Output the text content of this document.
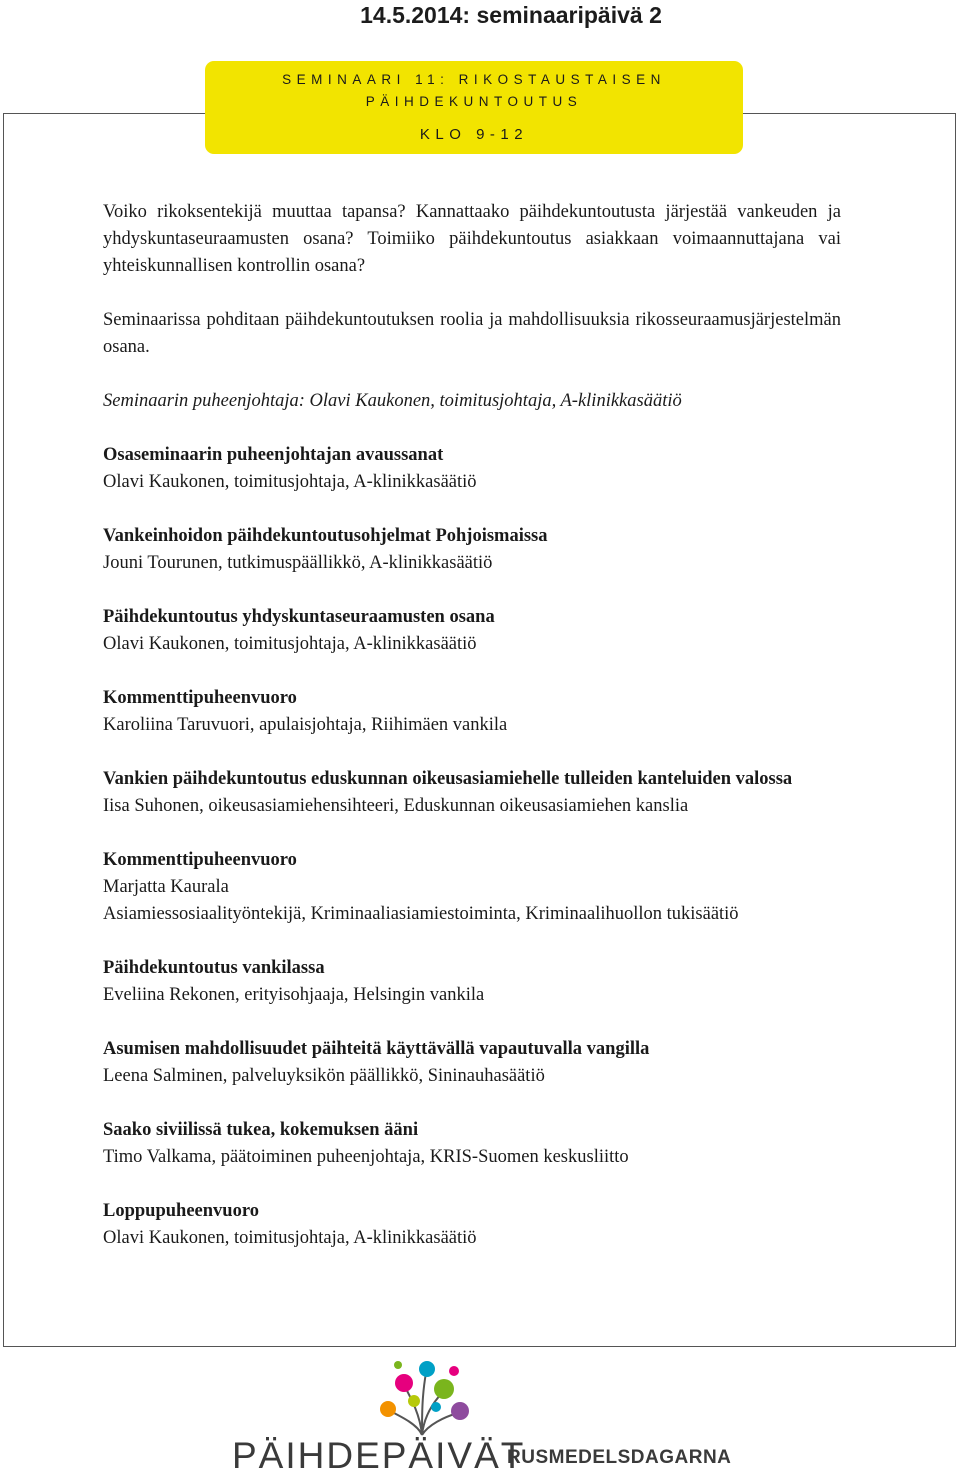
14.5.2014: seminaaripäivä 2
SEMINAARI 11: RIKOSTAUSTAISEN
PÄIHDEKUNTOUTUS
KLO 9-12

Voiko rikoksentekijä muuttaa tapansa? Kannattaako päihdekuntoutusta järjestää vankeuden ja yhdyskuntaseuraamusten osana? Toimiiko päihdekuntoutus asiakkaan voimaannuttajana vai yhteiskunnallisen kontrollin osana?

Seminaarissa pohditaan päihdekuntoutuksen roolia ja mahdollisuuksia rikosseuraamusjärjestelmän osana.

Seminaarin puheenjohtaja: Olavi Kaukonen, toimitusjohtaja, A-klinikkasäätiö

Osaseminaarin puheenjohtajan avaussanat
Olavi Kaukonen, toimitusjohtaja, A-klinikkasäätiö
Vankeinhoidon päihdekuntoutusohjelmat Pohjoismaissa
Jouni Tourunen, tutkimuspäällikkö, A-klinikkasäätiö
Päihdekuntoutus yhdyskuntaseuraamusten osana
Olavi Kaukonen, toimitusjohtaja, A-klinikkasäätiö
Kommenttipuheenvuoro
Karoliina Taruvuori, apulaisjohtaja, Riihimäen vankila
Vankien päihdekuntoutus eduskunnan oikeusasiamiehelle tulleiden kanteluiden valossa
Iisa Suhonen, oikeusasiamiehensihteeri, Eduskunnan oikeusasiamiehen kanslia
Kommenttipuheenvuoro
Marjatta Kaurala
Asiamiessosiaalityöntekijä, Kriminaaliasiamiestoiminta, Kriminaalihuollon tukisäätiö
Päihdekuntoutus vankilassa
Eveliina Rekonen, erityisohjaaja, Helsingin vankila
Asumisen mahdollisuudet päihteitä käyttävällä vapautuvalla vangilla
Leena Salminen, palveluyksikön päällikkö, Sininauhasäätiö
Saako siviilissä tukea, kokemuksen ääni
Timo Valkama, päätoiminen puheenjohtaja, KRIS-Suomen keskusliitto
Loppupuheenvuoro
Olavi Kaukonen, toimitusjohtaja, A-klinikkasäätiö
PÄIHDEPÄIVÄT
RUSMEDELSDAGARNA
